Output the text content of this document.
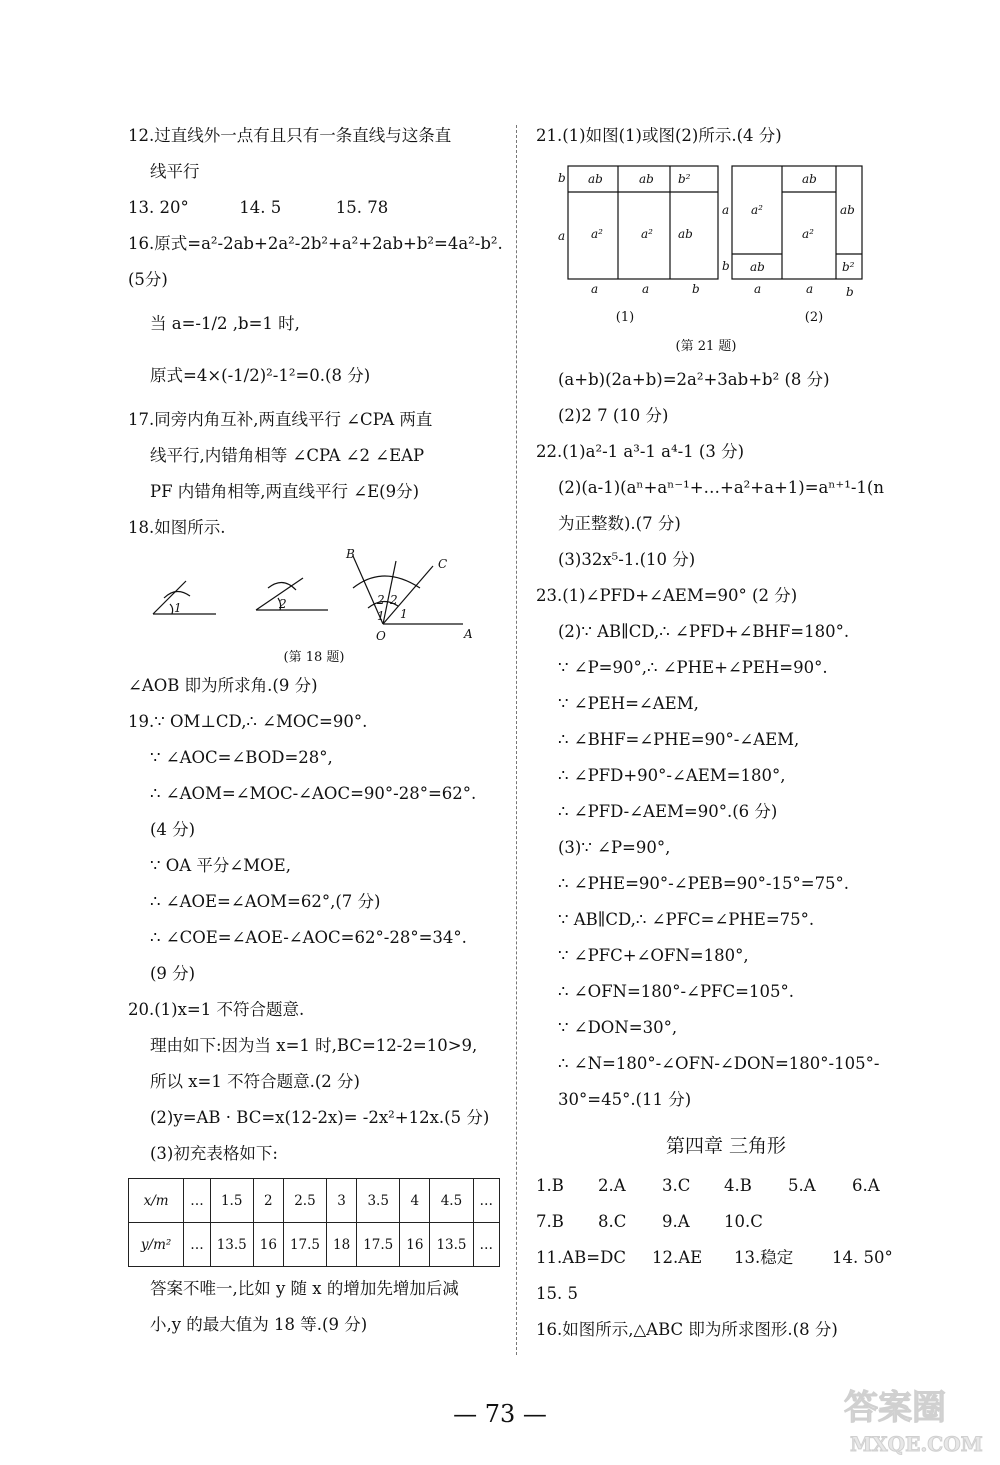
12.过直线外一点有且只有一条直线与这条直
线平行
13. 20°	14. 5	15. 78
16.原式=a²-2ab+2a²-2b²+a²+2ab+b²=4a²-b².
(5分)
当 a=-1/2 ,b=1 时,
原式=4×(-1/2)²-1²=0.(8 分)
17.同旁内角互补,两直线平行 ∠CPA 两直
线平行,内错角相等 ∠CPA ∠2 ∠EAP
PF 内错角相等,两直线平行 ∠E(9分)
18.如图所示.
1	2
B
C
A
O
2
1
2
1
(第 18 题)
∠AOB 即为所求角.(9 分)
19.∵ OM⊥CD,∴ ∠MOC=90°.
∵ ∠AOC=∠BOD=28°,
∴ ∠AOM=∠MOC-∠AOC=90°-28°=62°.
(4 分)
∵ OA 平分∠MOE,
∴ ∠AOE=∠AOM=62°,(7 分)
∴ ∠COE=∠AOE-∠AOC=62°-28°=34°.
(9 分)
20.(1)x=1 不符合题意.
理由如下:因为当 x=1 时,BC=12-2=10>9,
所以 x=1 不符合题意.(2 分)
(2)y=AB · BC=x(12-2x)= -2x²+12x.(5 分)
(3)初充表格如下:
x/m	…	1.5	2	2.5	3	3.5	4	4.5	…
y/m²	…	13.5	16	17.5	18	17.5	16	13.5	…
答案不唯一,比如 y 随 x 的增加先增加后减
小,y 的最大值为 18 等.(9 分)
21.(1)如图(1)或图(2)所示.(4 分)
b
a
ab	ab b²
a²	a² ab
a	a	b
a
b
a²
ab
ab
ab
a²
b²
a	a	b
(1)	(2)
(第 21 题)
(a+b)(2a+b)=2a²+3ab+b² (8 分)
(2)2 7 (10 分)
22.(1)a²-1 a³-1 a⁴-1 (3 分)
(2)(a-1)(aⁿ+aⁿ⁻¹+…+a²+a+1)=aⁿ⁺¹-1(n
为正整数).(7 分)
(3)32x⁵-1.(10 分)
23.(1)∠PFD+∠AEM=90° (2 分)
(2)∵ AB∥CD,∴ ∠PFD+∠BHF=180°.
∵ ∠P=90°,∴ ∠PHE+∠PEH=90°.
∵ ∠PEH=∠AEM,
∴ ∠BHF=∠PHE=90°-∠AEM,
∴ ∠PFD+90°-∠AEM=180°,
∴ ∠PFD-∠AEM=90°.(6 分)
(3)∵ ∠P=90°,
∴ ∠PHE=90°-∠PEB=90°-15°=75°.
∵ AB∥CD,∴ ∠PFC=∠PHE=75°.
∵ ∠PFC+∠OFN=180°,
∴ ∠OFN=180°-∠PFC=105°.
∵ ∠DON=30°,
∴ ∠N=180°-∠OFN-∠DON=180°-105°-
30°=45°.(11 分)
第四章 三角形
1.B	2.A	3.C	4.B	5.A	6.A
7.B	8.C	9.A	10.C
11.AB=DC	12.AE	13.稳定	14. 50°
15. 5
16.如图所示,△ABC 即为所求图形.(8 分)
— 73 —	答案圈
MXQE.COM
